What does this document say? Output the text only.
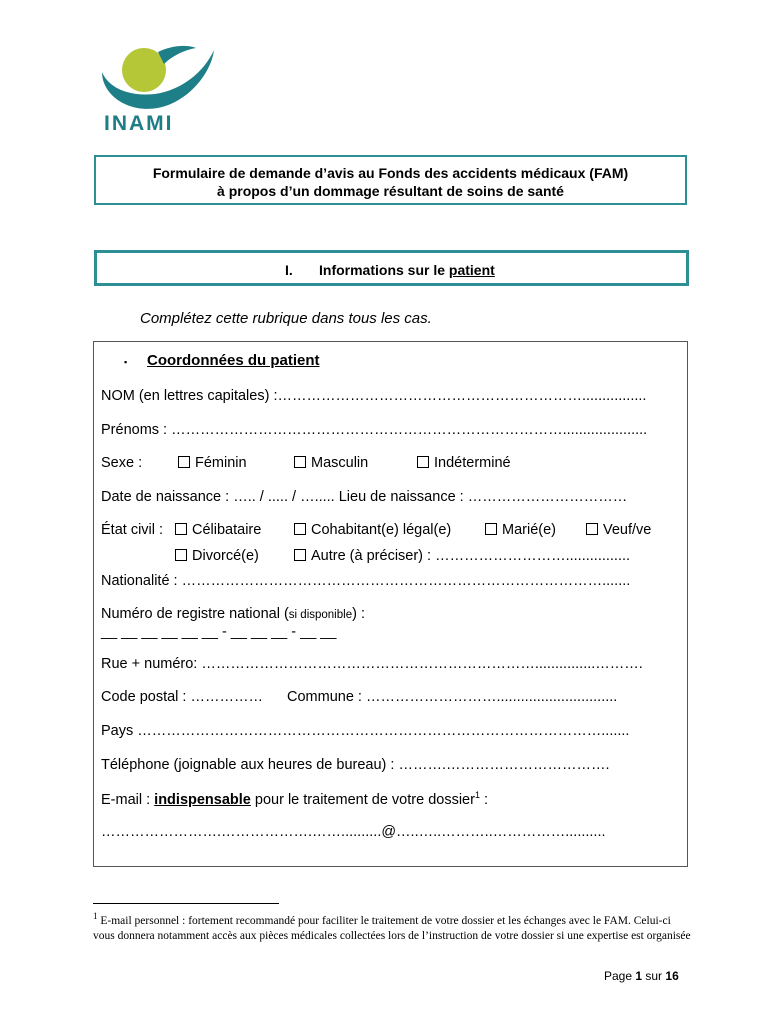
INAMI
Formulaire de demande d’avis au Fonds des accidents médicaux (FAM)
à propos d’un dommage résultant de soins de santé
I. Informations sur le patient
Complétez cette rubrique dans tous les cas.
▪ Coordonnées du patient
NOM (en lettres capitales) :………………………………………………………................
Prénoms : ……………………………………………………………………….....................
Sexe :	Féminin	Masculin	Indéterminé
Date de naissance : ….. / ..... / …..... Lieu de naissance : ……………………………
État civil :	Célibataire	Cohabitant(e) légal(e)	Marié(e)	Veuf/ve
Divorcé(e)	Autre (à préciser) : ………………………................
Nationalité : …………………………………………………………………………….......
Numéro de registre national (si disponible) :
__ __ __ __ __ __ - __ __ __ - __ __
Rue + numéro: ……………………………………………………………...............……….
Code postal : …………… Commune : ………………………..............................
Pays …………………………………………………………………………………….......
Téléphone (joignable aux heures de bureau) : ……….…………………………….
E-mail : indispensable pour le traitement de votre dossier$^1$ :
…………………….……………….……..........@…..…..………..……………..........
$^1$ E-mail personnel : fortement recommandé pour faciliter le traitement de votre dossier et les échanges avec le FAM. Celui-ci vous donnera notamment accès aux pièces médicales collectées lors de l’instruction de votre dossier si une expertise est organisée
Page 1 sur 16
